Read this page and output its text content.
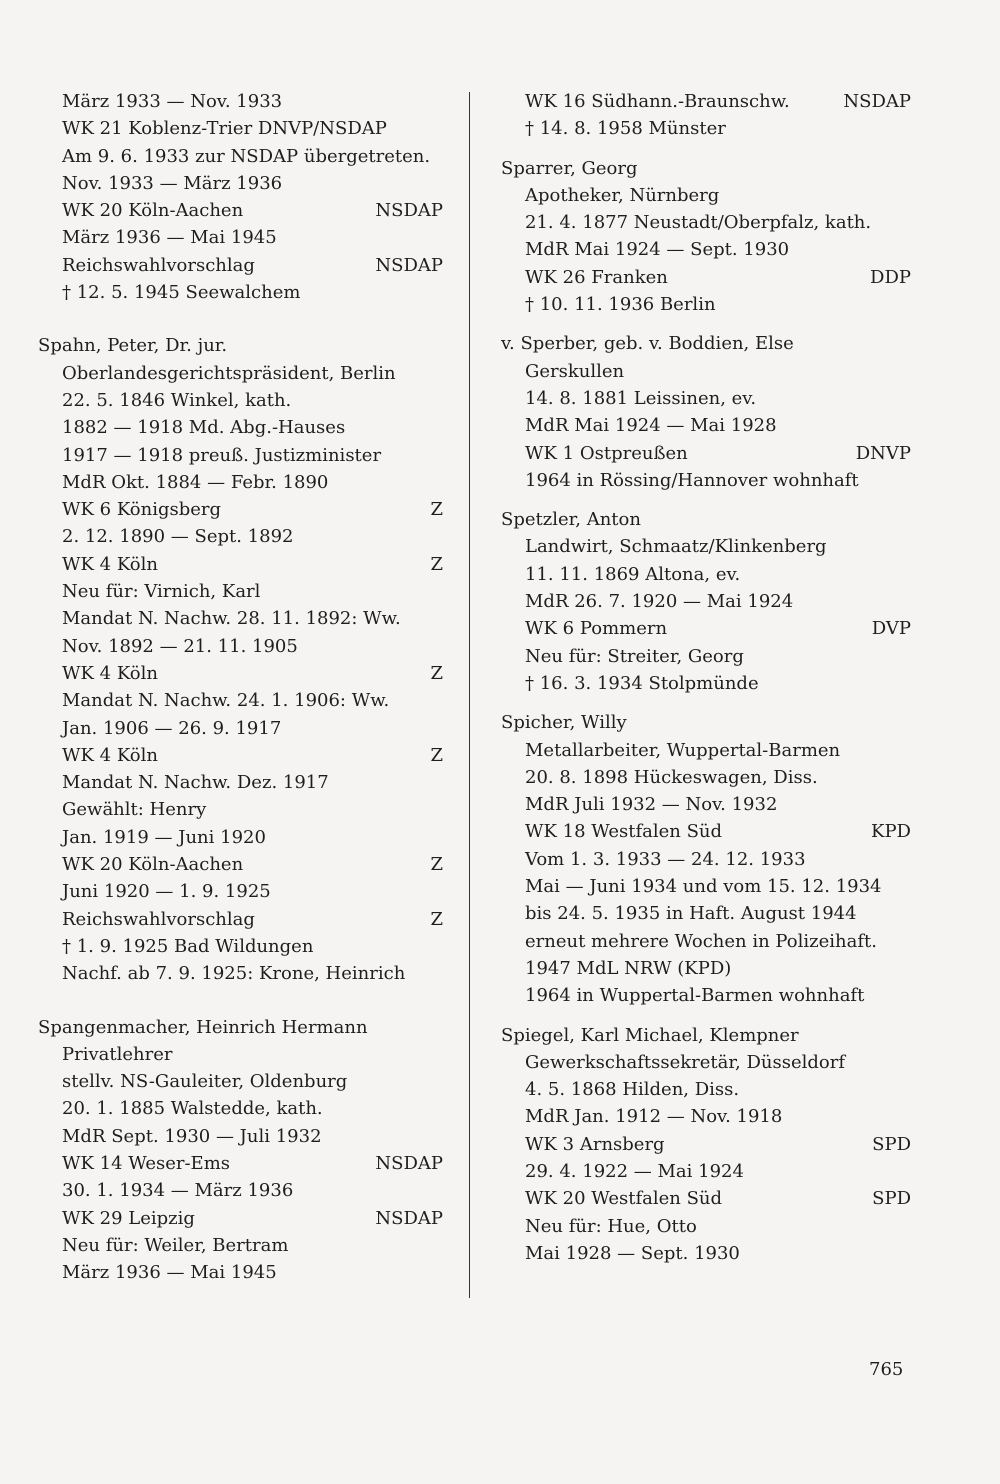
März 1933 — Nov. 1933
WK 21 Koblenz-Trier DNVP/NSDAP
Am 9. 6. 1933 zur NSDAP übergetreten.
Nov. 1933 — März 1936
WK 20 Köln-Aachen	NSDAP
März 1936 — Mai 1945
Reichswahlvorschlag	NSDAP
† 12. 5. 1945 Seewalchem
Spahn, Peter, Dr. jur.
Oberlandesgerichtspräsident, Berlin
22. 5. 1846 Winkel, kath.
1882 — 1918 Md. Abg.-Hauses
1917 — 1918 preuß. Justizminister
MdR Okt. 1884 — Febr. 1890
WK 6 Königsberg	Z
2. 12. 1890 — Sept. 1892
WK 4 Köln	Z
Neu für: Virnich, Karl
Mandat N. Nachw. 28. 11. 1892: Ww.
Nov. 1892 — 21. 11. 1905
WK 4 Köln	Z
Mandat N. Nachw. 24. 1. 1906: Ww.
Jan. 1906 — 26. 9. 1917
WK 4 Köln	Z
Mandat N. Nachw. Dez. 1917
Gewählt: Henry
Jan. 1919 — Juni 1920
WK 20 Köln-Aachen	Z
Juni 1920 — 1. 9. 1925
Reichswahlvorschlag	Z
† 1. 9. 1925 Bad Wildungen
Nachf. ab 7. 9. 1925: Krone, Heinrich
Spangenmacher, Heinrich Hermann
Privatlehrer
stellv. NS-Gauleiter, Oldenburg
20. 1. 1885 Walstedde, kath.
MdR Sept. 1930 — Juli 1932
WK 14 Weser-Ems	NSDAP
30. 1. 1934 — März 1936
WK 29 Leipzig	NSDAP
Neu für: Weiler, Bertram
März 1936 — Mai 1945
WK 16 Südhann.-Braunschw.	NSDAP
† 14. 8. 1958 Münster
Sparrer, Georg
Apotheker, Nürnberg
21. 4. 1877 Neustadt/Oberpfalz, kath.
MdR Mai 1924 — Sept. 1930
WK 26 Franken	DDP
† 10. 11. 1936 Berlin
v. Sperber, geb. v. Boddien, Else
Gerskullen
14. 8. 1881 Leissinen, ev.
MdR Mai 1924 — Mai 1928
WK 1 Ostpreußen	DNVP
1964 in Rössing/Hannover wohnhaft
Spetzler, Anton
Landwirt, Schmaatz/Klinkenberg
11. 11. 1869 Altona, ev.
MdR 26. 7. 1920 — Mai 1924
WK 6 Pommern	DVP
Neu für: Streiter, Georg
† 16. 3. 1934 Stolpmünde
Spicher, Willy
Metallarbeiter, Wuppertal-Barmen
20. 8. 1898 Hückeswagen, Diss.
MdR Juli 1932 — Nov. 1932
WK 18 Westfalen Süd	KPD
Vom 1. 3. 1933 — 24. 12. 1933
Mai — Juni 1934 und vom 15. 12. 1934
bis 24. 5. 1935 in Haft. August 1944
erneut mehrere Wochen in Polizeihaft.
1947 MdL NRW (KPD)
1964 in Wuppertal-Barmen wohnhaft
Spiegel, Karl Michael, Klempner
Gewerkschaftssekretär, Düsseldorf
4. 5. 1868 Hilden, Diss.
MdR Jan. 1912 — Nov. 1918
WK 3 Arnsberg	SPD
29. 4. 1922 — Mai 1924
WK 20 Westfalen Süd	SPD
Neu für: Hue, Otto
Mai 1928 — Sept. 1930
765
